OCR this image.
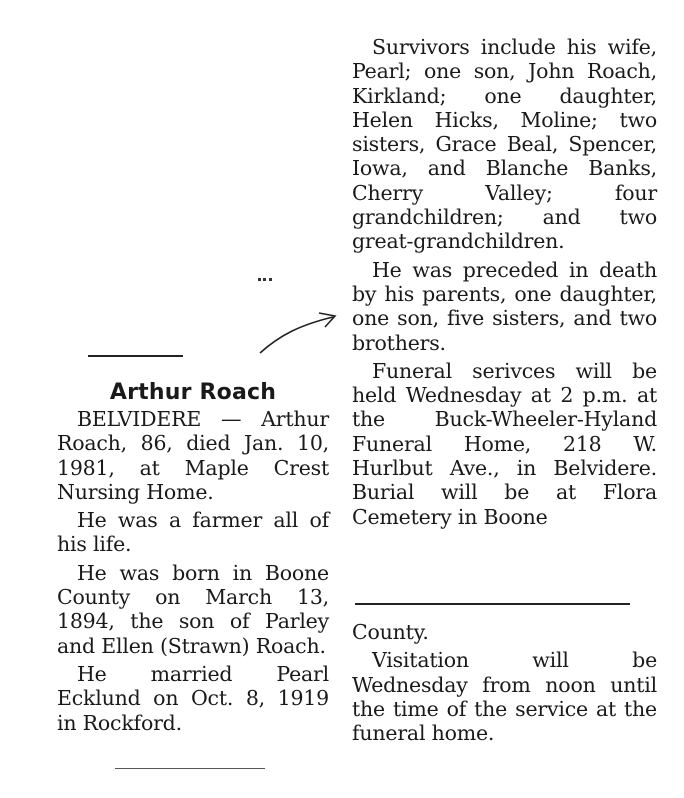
Arthur Roach

BELVIDERE — Arthur Roach, 86, died Jan. 10, 1981, at Maple Crest Nursing Home.

He was a farmer all of his life.

He was born in Boone County on March 13, 1894, the son of Parley and Ellen (Strawn) Roach.

He married Pearl Ecklund on Oct. 8, 1919 in Rockford.

Survivors include his wife, Pearl; one son, John Roach, Kirkland; one daughter, Helen Hicks, Moline; two sisters, Grace Beal, Spencer, Iowa, and Blanche Banks, Cherry Valley; four grandchildren; and two great-grandchildren.

He was preceded in death by his parents, one daughter, one son, five sisters, and two brothers.

Funeral serivces will be held Wednesday at 2 p.m. at the Buck-Wheeler-Hyland Funeral Home, 218 W. Hurlbut Ave., in Belvidere. Burial will be at Flora Cemetery in Boone

County.

Visitation will be Wednesday from noon until the time of the service at the funeral home.
